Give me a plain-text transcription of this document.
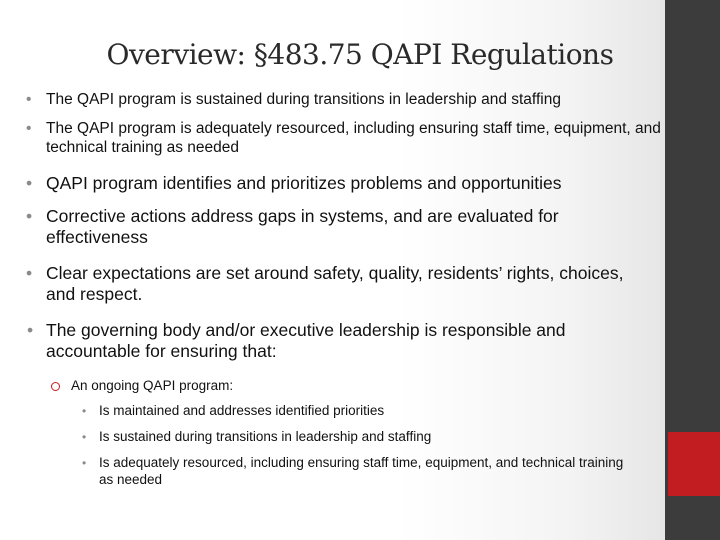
Overview: §483.75 QAPI Regulations
• The QAPI program is sustained during transitions in leadership and staffing
• The QAPI program is adequately resourced, including ensuring staff time, equipment, and technical training as needed
• QAPI program identifies and prioritizes problems and opportunities
• Corrective actions address gaps in systems, and are evaluated for effectiveness
• Clear expectations are set around safety, quality, residents’ rights, choices, and respect.
• The governing body and/or executive leadership is responsible and accountable for ensuring that:
An ongoing QAPI program:
• Is maintained and addresses identified priorities
• Is sustained during transitions in leadership and staffing
• Is adequately resourced, including ensuring staff time, equipment, and technical training as needed
